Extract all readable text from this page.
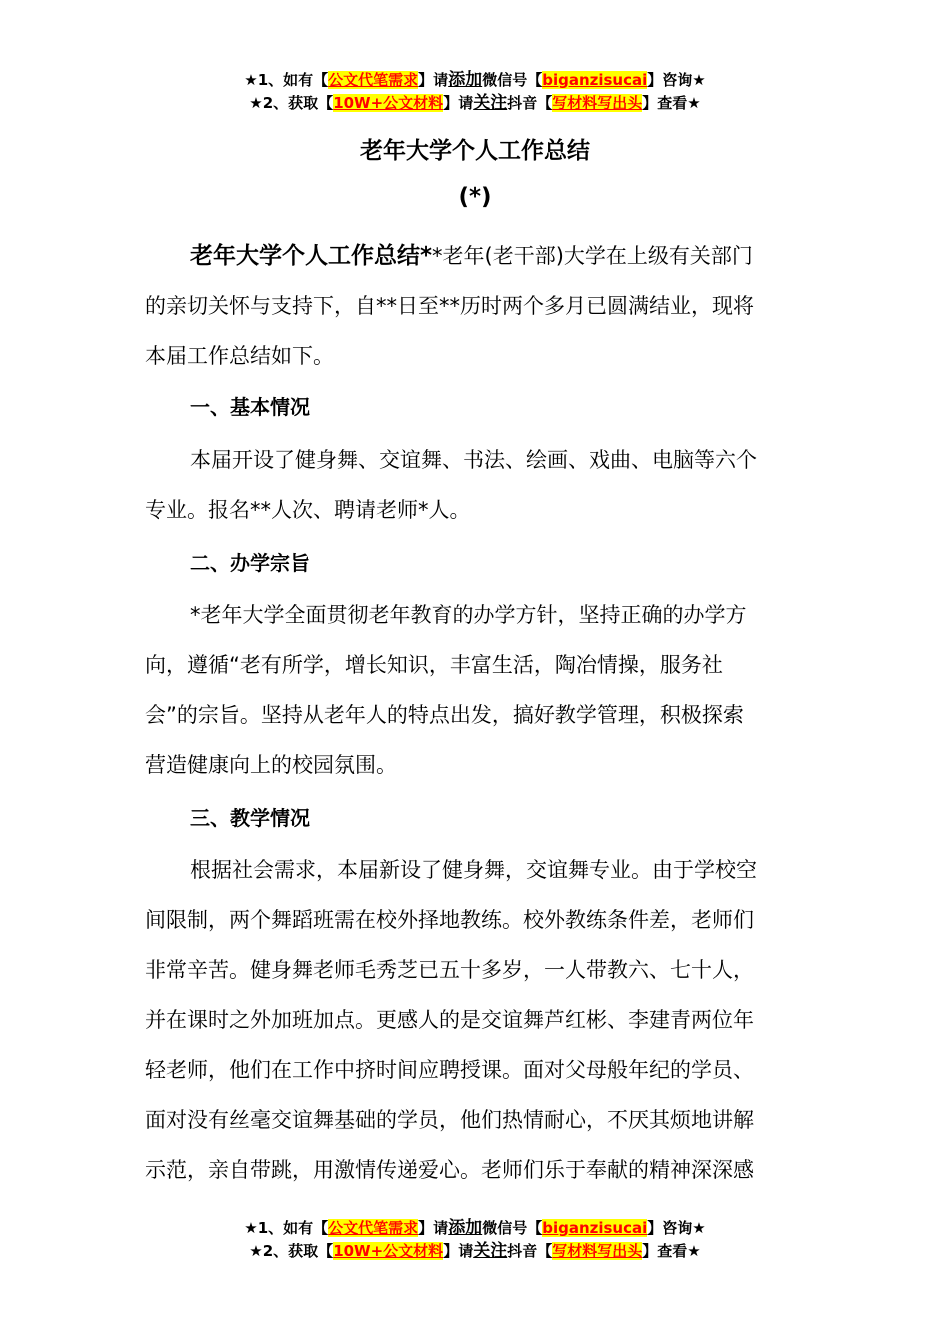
★1、如有【公文代笔需求】请添加微信号【biganzisucai】咨询★
★2、获取【10W+公文材料】请关注抖音【写材料写出头】查看★
老年大学个人工作总结
(*)
老年大学个人工作总结**老年(老干部)大学在上级有关部门
的亲切关怀与支持下，自**日至**历时两个多月已圆满结业，现将
本届工作总结如下。
一、基本情况
本届开设了健身舞、交谊舞、书法、绘画、戏曲、电脑等六个
专业。报名**人次、聘请老师*人。
二、办学宗旨
*老年大学全面贯彻老年教育的办学方针，坚持正确的办学方
向，遵循“老有所学，增长知识，丰富生活，陶冶情操，服务社
会”的宗旨。坚持从老年人的特点出发，搞好教学管理，积极探索
营造健康向上的校园氛围。
三、教学情况
根据社会需求，本届新设了健身舞，交谊舞专业。由于学校空
间限制，两个舞蹈班需在校外择地教练。校外教练条件差，老师们
非常辛苦。健身舞老师毛秀芝已五十多岁，一人带教六、七十人，
并在课时之外加班加点。更感人的是交谊舞芦红彬、李建青两位年
轻老师，他们在工作中挤时间应聘授课。面对父母般年纪的学员、
面对没有丝毫交谊舞基础的学员，他们热情耐心，不厌其烦地讲解
示范，亲自带跳，用激情传递爱心。老师们乐于奉献的精神深深感
★1、如有【公文代笔需求】请添加微信号【biganzisucai】咨询★
★2、获取【10W+公文材料】请关注抖音【写材料写出头】查看★
